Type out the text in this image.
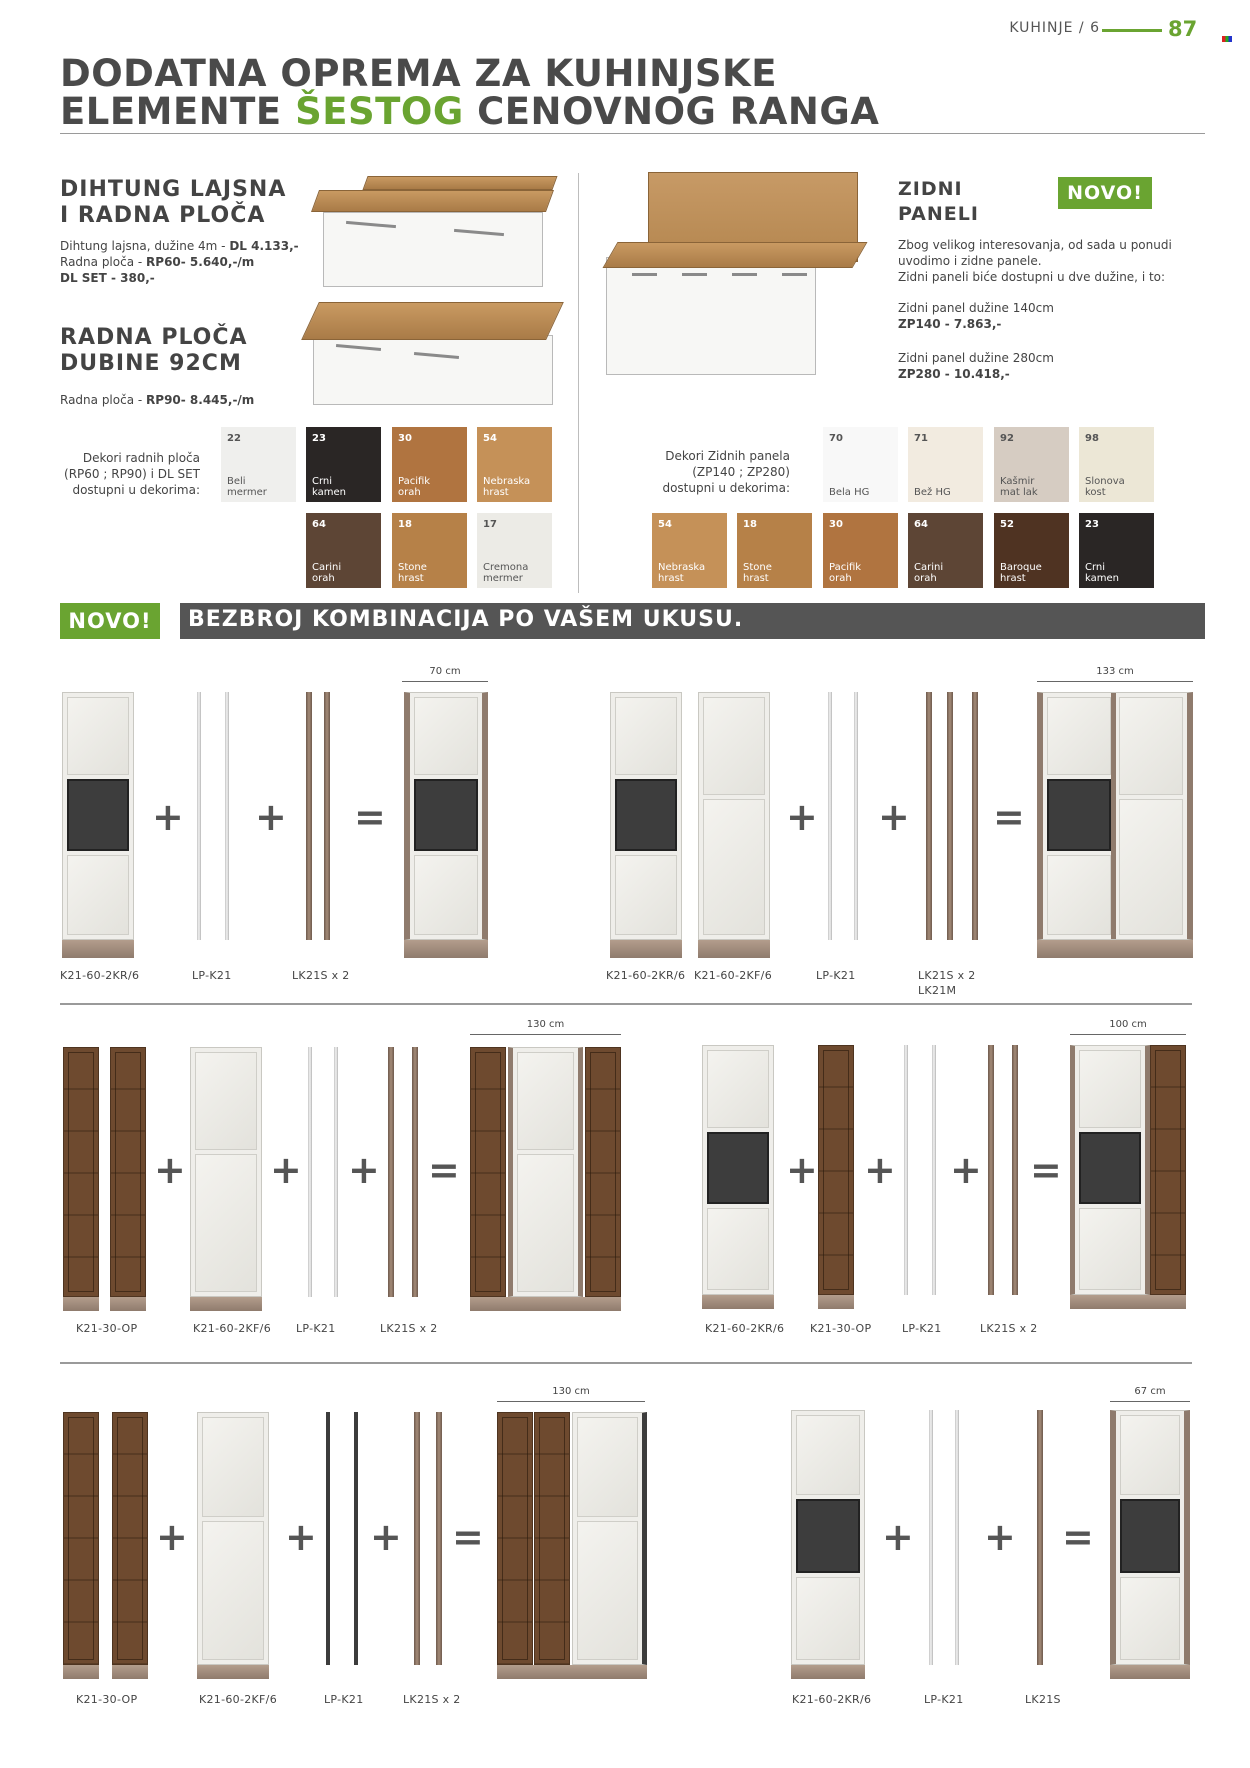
KUHINJE / 6	87
DODATNA OPREMA ZA KUHINJSKE
ELEMENTE ŠESTOG CENOVNOG RANGA
DIHTUNG LAJSNA
I RADNA PLOČA
Dihtung lajsna, dužine 4m - DL 4.133,-
Radna ploča - RP60- 5.640,-/m
DL SET - 380,-
RADNA PLOČA
DUBINE 92CM
Radna ploča - RP90- 8.445,-/m
Dekori radnih ploča
(RP60 ; RP90) i DL SET
dostupni u dekorima:
22
Beli
mermer
23
Crni
kamen
30
Pacifik
orah
54
Nebraska
hrast
64
Carini
orah
18
Stone
hrast
17
Cremona
mermer
ZIDNI
PANELI
NOVO!
Zbog velikog interesovanja, od sada u ponudi
uvodimo i zidne panele.
Zidni paneli biće dostupni u dve dužine, i to:
Zidni panel dužine 140cm
ZP140 - 7.863,-
Zidni panel dužine 280cm
ZP280 - 10.418,-
Dekori Zidnih panela
(ZP140 ; ZP280)
dostupni u dekorima:
70
Bela HG
71
Bež HG
92
Kašmir
mat lak
98
Slonova
kost
54
Nebraska
hrast
18
Stone
hrast
30
Pacifik
orah
64
Carini
orah
52
Baroque
hrast
23
Crni
kamen
NOVO!	BEZBROJ KOMBINACIJA PO VAŠEM UKUSU.
+ + =
70 cm
K21-60-2KR/6	LP-K21	LK21S x 2
+ + =
133 cm
K21-60-2KR/6 K21-60-2KF/6	LP-K21	LK21S x 2
LK21M
+ + + =
130 cm
K21-30-OP	K21-60-2KF/6 LP-K21	LK21S x 2
+ + + =
100 cm
K21-60-2KR/6 K21-30-OP	LP-K21	LK21S x 2
+	+ + =
130 cm
K21-30-OP	K21-60-2KF/6	LP-K21	LK21S x 2
+ + =
67 cm
K21-60-2KR/6	LP-K21	LK21S
